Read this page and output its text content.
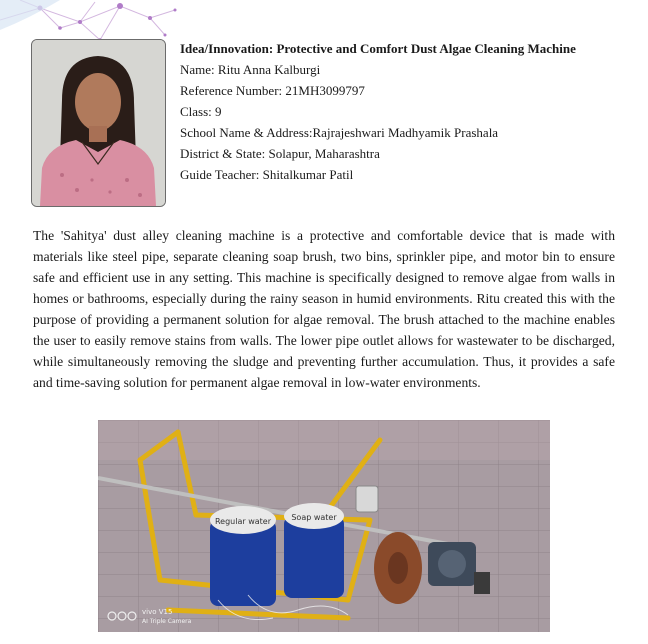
Idea/Innovation: Protective and Comfort Dust Algae Cleaning Machine
Name: Ritu Anna Kalburgi
Reference Number: 21MH3099797
Class: 9
School Name & Address:Rajrajeshwari Madhyamik Prashala
District & State: Solapur, Maharashtra
Guide Teacher: Shitalkumar Patil

The 'Sahitya' dust alley cleaning machine is a protective and comfortable device that is made with materials like steel pipe, separate cleaning soap brush, two bins, sprinkler pipe, and motor bin to ensure safe and efficient use in any setting. This machine is specifically designed to remove algae from walls in homes or bathrooms, especially during the rainy season in humid environments. Ritu created this with the purpose of providing a permanent solution for algae removal. The brush attached to the machine enables the user to easily remove stains from walls. The lower pipe outlet allows for wastewater to be discharged, while simultaneously removing the sludge and preventing further accumulation. Thus, it provides a safe and time-saving solution for permanent algae removal in low-water environments.

Regular water	Soap water
vivo V15
AI Triple Camera
